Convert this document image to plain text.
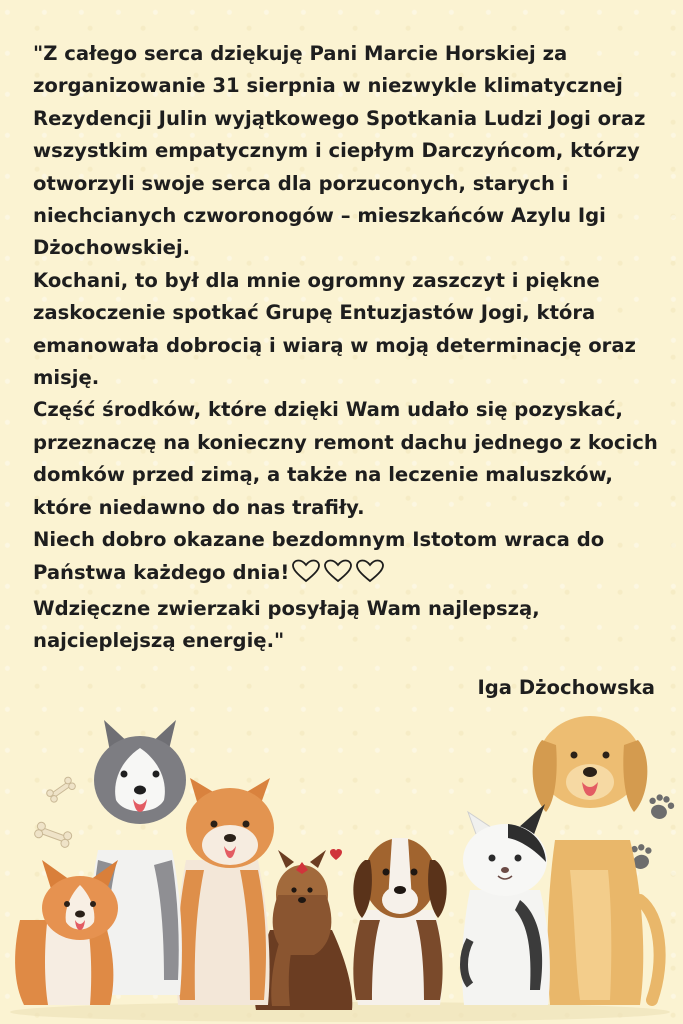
"Z całego serca dziękuję Pani Marcie Horskiej za zorganizowanie 31 sierpnia w niezwykle klimatycznej Rezydencji Julin wyjątkowego Spotkania Ludzi Jogi oraz wszystkim empatycznym i ciepłym Darczyńcom, którzy otworzyli swoje serca dla porzuconych, starych i niechcianych czworonogów – mieszkańców Azylu Igi Dżochowskiej.

Kochani, to był dla mnie ogromny zaszczyt i piękne zaskoczenie spotkać Grupę Entuzjastów Jogi, która emanowała dobrocią i wiarą w moją determinację oraz misję.

Część środków, które dzięki Wam udało się pozyskać, przeznaczę na konieczny remont dachu jednego z kocich domków przed zimą, a także na leczenie maluszków, które niedawno do nas trafiły.

Niech dobro okazane bezdomnym Istotom wraca do Państwa każdego dnia!

Wdzięczne zwierzaki posyłają Wam najlepszą, najcieplejszą energię."

Iga Dżochowska
